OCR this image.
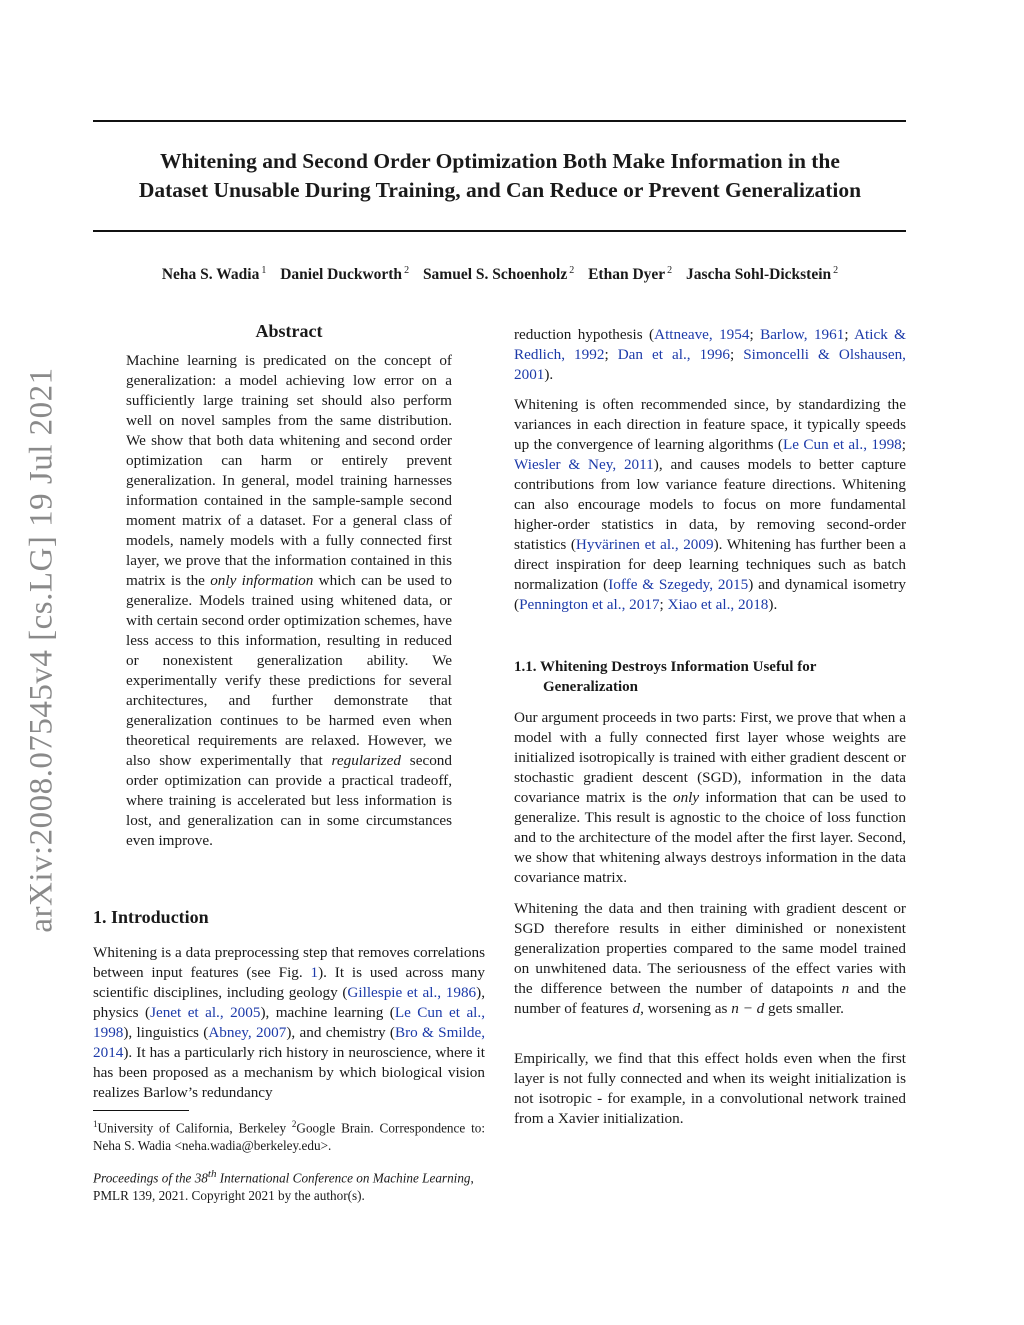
arXiv:2008.07545v4 [cs.LG] 19 Jul 2021

Whitening and Second Order Optimization Both Make Information in the
Dataset Unusable During Training, and Can Reduce or Prevent Generalization
Neha S. Wadia $^1$ Daniel Duckworth $^2$ Samuel S. Schoenholz $^2$ Ethan Dyer $^2$ Jascha Sohl-Dickstein $^2$
Abstract

Machine learning is predicated on the concept of generalization: a model achieving low error on a sufficiently large training set should also perform well on novel samples from the same distribution. We show that both data whitening and second order optimization can harm or entirely prevent generalization. In general, model training harnesses information contained in the sample-sample second moment matrix of a dataset. For a general class of models, namely models with a fully connected first layer, we prove that the information contained in this matrix is the only information which can be used to generalize. Models trained using whitened data, or with certain second order optimization schemes, have less access to this information, resulting in reduced or nonexistent generalization ability. We experimentally verify these predictions for several architectures, and further demonstrate that generalization continues to be harmed even when theoretical requirements are relaxed. However, we also show experimentally that regularized second order optimization can provide a practical tradeoff, where training is accelerated but less information is lost, and generalization can in some circumstances even improve.

1. Introduction

Whitening is a data preprocessing step that removes correlations between input features (see Fig. 1). It is used across many scientific disciplines, including geology (Gillespie et al., 1986), physics (Jenet et al., 2005), machine learning (Le Cun et al., 1998), linguistics (Abney, 2007), and chemistry (Bro & Smilde, 2014). It has a particularly rich history in neuroscience, where it has been proposed as a mechanism by which biological vision realizes Barlow’s redundancy

$^1$University of California, Berkeley $^2$Google Brain. Correspondence to: Neha S. Wadia <neha.wadia@berkeley.edu>.

Proceedings of the 38th International Conference on Machine Learning, PMLR 139, 2021. Copyright 2021 by the author(s).

reduction hypothesis (Attneave, 1954; Barlow, 1961; Atick & Redlich, 1992; Dan et al., 1996; Simoncelli & Olshausen, 2001).

Whitening is often recommended since, by standardizing the variances in each direction in feature space, it typically speeds up the convergence of learning algorithms (Le Cun et al., 1998; Wiesler & Ney, 2011), and causes models to better capture contributions from low variance feature directions. Whitening can also encourage models to focus on more fundamental higher-order statistics in data, by removing second-order statistics (Hyvärinen et al., 2009). Whitening has further been a direct inspiration for deep learning techniques such as batch normalization (Ioffe & Szegedy, 2015) and dynamical isometry (Pennington et al., 2017; Xiao et al., 2018).

1.1. Whitening Destroys Information Useful for
Generalization

Our argument proceeds in two parts: First, we prove that when a model with a fully connected first layer whose weights are initialized isotropically is trained with either gradient descent or stochastic gradient descent (SGD), information in the data covariance matrix is the only information that can be used to generalize. This result is agnostic to the choice of loss function and to the architecture of the model after the first layer. Second, we show that whitening always destroys information in the data covariance matrix.

Whitening the data and then training with gradient descent or SGD therefore results in either diminished or nonexistent generalization properties compared to the same model trained on unwhitened data. The seriousness of the effect varies with the difference between the number of datapoints n and the number of features d, worsening as n − d gets smaller.

Empirically, we find that this effect holds even when the first layer is not fully connected and when its weight initialization is not isotropic - for example, in a convolutional network trained from a Xavier initialization.
